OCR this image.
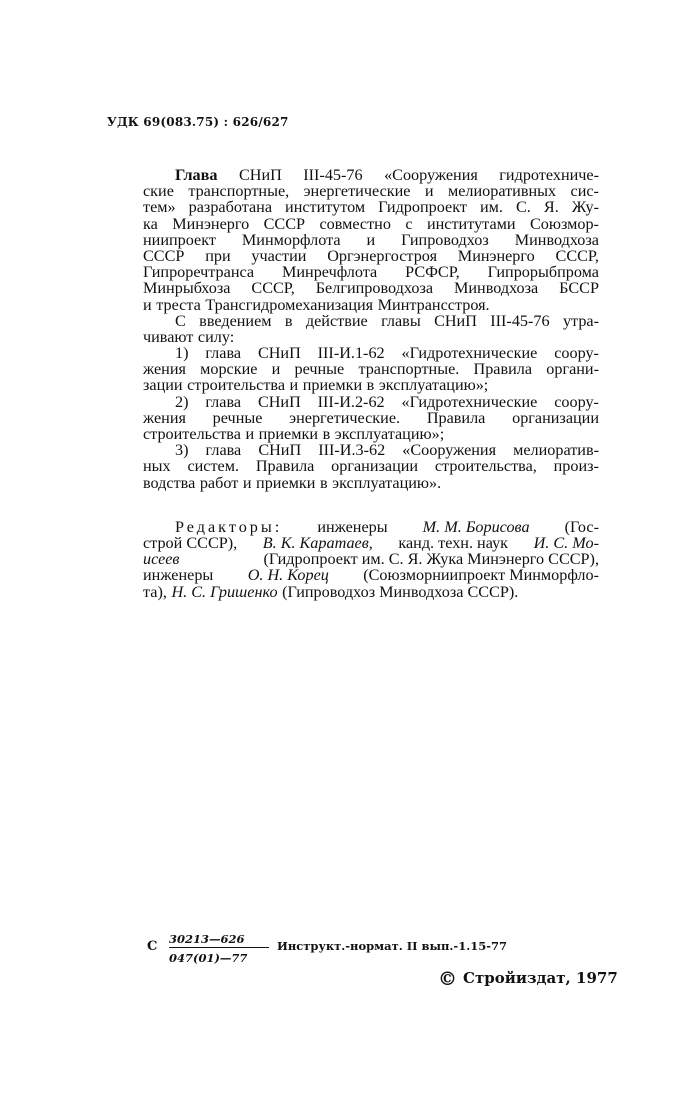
УДК 69(083.75) : 626/627
Глава СНиП III-45-76 «Сооружения гидротехниче-
ские транспортные, энергетические и мелиоративных сис-
тем» разработана институтом Гидропроект им. С. Я. Жу-
ка Минэнерго СССР совместно с институтами Союзмор-
ниипроект Минморфлота и Гипроводхоз Минводхоза
СССР при участии Оргэнергостроя Минэнерго СССР,
Гипроречтранса Минречфлота РСФСР, Гипрорыбпрома
Минрыбхоза СССР, Белгипроводхоза Минводхоза БССР
и треста Трансгидромеханизация Минтрансстроя.
С введением в действие главы СНиП III-45-76 утра-
чивают силу:
1) глава СНиП III-И.1-62 «Гидротехнические соору-
жения морские и речные транспортные. Правила органи-
зации строительства и приемки в эксплуатацию»;
2) глава СНиП III-И.2-62 «Гидротехнические соору-
жения речные энергетические. Правила организации
строительства и приемки в эксплуатацию»;
3) глава СНиП III-И.3-62 «Сооружения мелиоратив-
ных систем. Правила организации строительства, произ-
водства работ и приемки в эксплуатацию».
Редакторы: инженеры М. М. Борисова (Гос-
строй СССР), В. К. Каратаев, канд. техн. наук И. С. Мо-
исеев	(Гидропроект им. С. Я. Жука Минэнерго СССР),
инженеры О. Н. Корец (Союзморниипроект Минморфло-
та), Н. С. Гришенко (Гипроводхоз Минводхоза СССР).
С $\frac{30213—626}{047(01)—77}$ Инструкт.-нормат. II вып.-1.15-77
© Стройиздат, 1977
